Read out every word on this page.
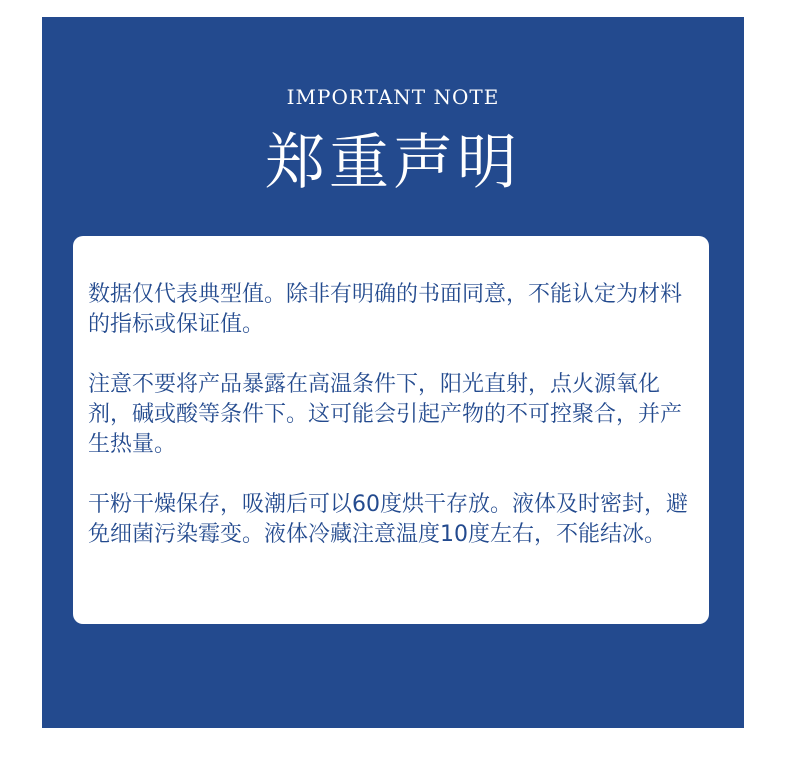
IMPORTANT NOTE
郑重声明

数据仅代表典型值。除非有明确的书面同意，不能认定为材料的指标或保证值。

注意不要将产品暴露在高温条件下，阳光直射，点火源氧化剂，碱或酸等条件下。这可能会引起产物的不可控聚合，并产生热量。

干粉干燥保存，吸潮后可以60度烘干存放。液体及时密封，避免细菌污染霉变。液体冷藏注意温度10度左右，不能结冰。
